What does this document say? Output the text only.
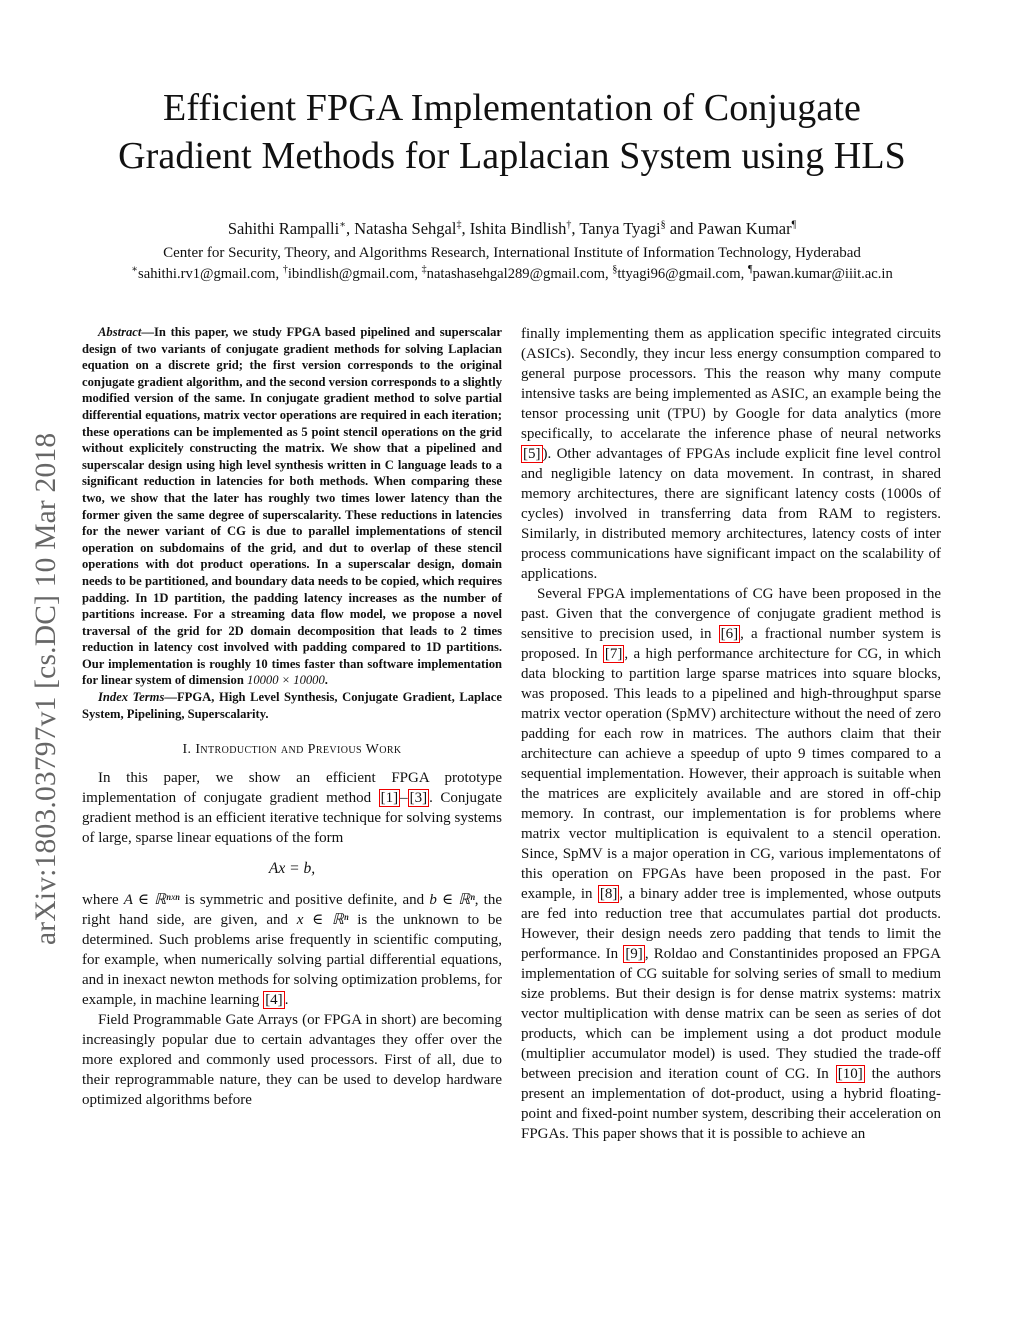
Efficient FPGA Implementation of Conjugate
Gradient Methods for Laplacian System using HLS
Sahithi Rampalli∗, Natasha Sehgal‡, Ishita Bindlish†, Tanya Tyagi§ and Pawan Kumar¶
Center for Security, Theory, and Algorithms Research, International Institute of Information Technology, Hyderabad
∗sahithi.rv1@gmail.com, †ibindlish@gmail.com, ‡natashasehgal289@gmail.com, §ttyagi96@gmail.com, ¶pawan.kumar@iiit.ac.in
arXiv:1803.03797v1 [cs.DC] 10 Mar 2018

Abstract—In this paper, we study FPGA based pipelined and superscalar design of two variants of conjugate gradient methods for solving Laplacian equation on a discrete grid; the first version corresponds to the original conjugate gradient algorithm, and the second version corresponds to a slightly modified version of the same. In conjugate gradient method to solve partial differential equations, matrix vector operations are required in each iteration; these operations can be implemented as 5 point stencil operations on the grid without explicitely constructing the matrix. We show that a pipelined and superscalar design using high level synthesis written in C language leads to a significant reduction in latencies for both methods. When comparing these two, we show that the later has roughly two times lower latency than the former given the same degree of superscalarity. These reductions in latencies for the newer variant of CG is due to parallel implementations of stencil operation on subdomains of the grid, and dut to overlap of these stencil operations with dot product operations. In a superscalar design, domain needs to be partitioned, and boundary data needs to be copied, which requires padding. In 1D partition, the padding latency increases as the number of partitions increase. For a streaming data flow model, we propose a novel traversal of the grid for 2D domain decomposition that leads to 2 times reduction in latency cost involved with padding compared to 1D partitions. Our implementation is roughly 10 times faster than software implementation for linear system of dimension 10000 × 10000.

Index Terms—FPGA, High Level Synthesis, Conjugate Gradient, Laplace System, Pipelining, Superscalarity.

I. Introduction and Previous Work

In this paper, we show an efficient FPGA prototype implementation of conjugate gradient method [1] – [3] . Conjugate gradient method is an efficient iterative technique for solving systems of large, sparse linear equations of the form

Ax = b,

where A ∈ ℝⁿˣⁿ is symmetric and positive definite, and b ∈ ℝⁿ, the right hand side, are given, and x ∈ ℝⁿ is the unknown to be determined. Such problems arise frequently in scientific computing, for example, when numerically solving partial differential equations, and in inexact newton methods for solving optimization problems, for example, in machine learning [4] .

Field Programmable Gate Arrays (or FPGA in short) are becoming increasingly popular due to certain advantages they offer over the more explored and commonly used processors. First of all, due to their reprogrammable nature, they can be used to develop hardware optimized algorithms before

finally implementing them as application specific integrated circuits (ASICs). Secondly, they incur less energy consumption compared to general purpose processors. This the reason why many compute intensive tasks are being implemented as ASIC, an example being the tensor processing unit (TPU) by Google for data analytics (more specifically, to accelarate the inference phase of neural networks [5] ). Other advantages of FPGAs include explicit fine level control and negligible latency on data movement. In contrast, in shared memory architectures, there are significant latency costs (1000s of cycles) involved in transferring data from RAM to registers. Similarly, in distributed memory architectures, latency costs of inter process communications have significant impact on the scalability of applications.

Several FPGA implementations of CG have been proposed in the past. Given that the convergence of conjugate gradient method is sensitive to precision used, in [6] , a fractional number system is proposed. In [7] , a high performance architecture for CG, in which data blocking to partition large sparse matrices into square blocks, was proposed. This leads to a pipelined and high-throughput sparse matrix vector operation (SpMV) architecture without the need of zero padding for each row in matrices. The authors claim that their architecture can achieve a speedup of upto 9 times compared to a sequential implementation. However, their approach is suitable when the matrices are explicitely available and are stored in off-chip memory. In contrast, our implementation is for problems where matrix vector multiplication is equivalent to a stencil operation. Since, SpMV is a major operation in CG, various implementatons of this operation on FPGAs have been proposed in the past. For example, in [8] , a binary adder tree is implemented, whose outputs are fed into reduction tree that accumulates partial dot products. However, their design needs zero padding that tends to limit the performance. In [9] , Roldao and Constantinides proposed an FPGA implementation of CG suitable for solving series of small to medium size problems. But their design is for dense matrix systems: matrix vector multiplication with dense matrix can be seen as series of dot products, which can be implement using a dot product module (multiplier accumulator model) is used. They studied the trade-off between precision and iteration count of CG. In [10] the authors present an implementation of dot-product, using a hybrid floating-point and fixed-point number system, describing their acceleration on FPGAs. This paper shows that it is possible to achieve an
